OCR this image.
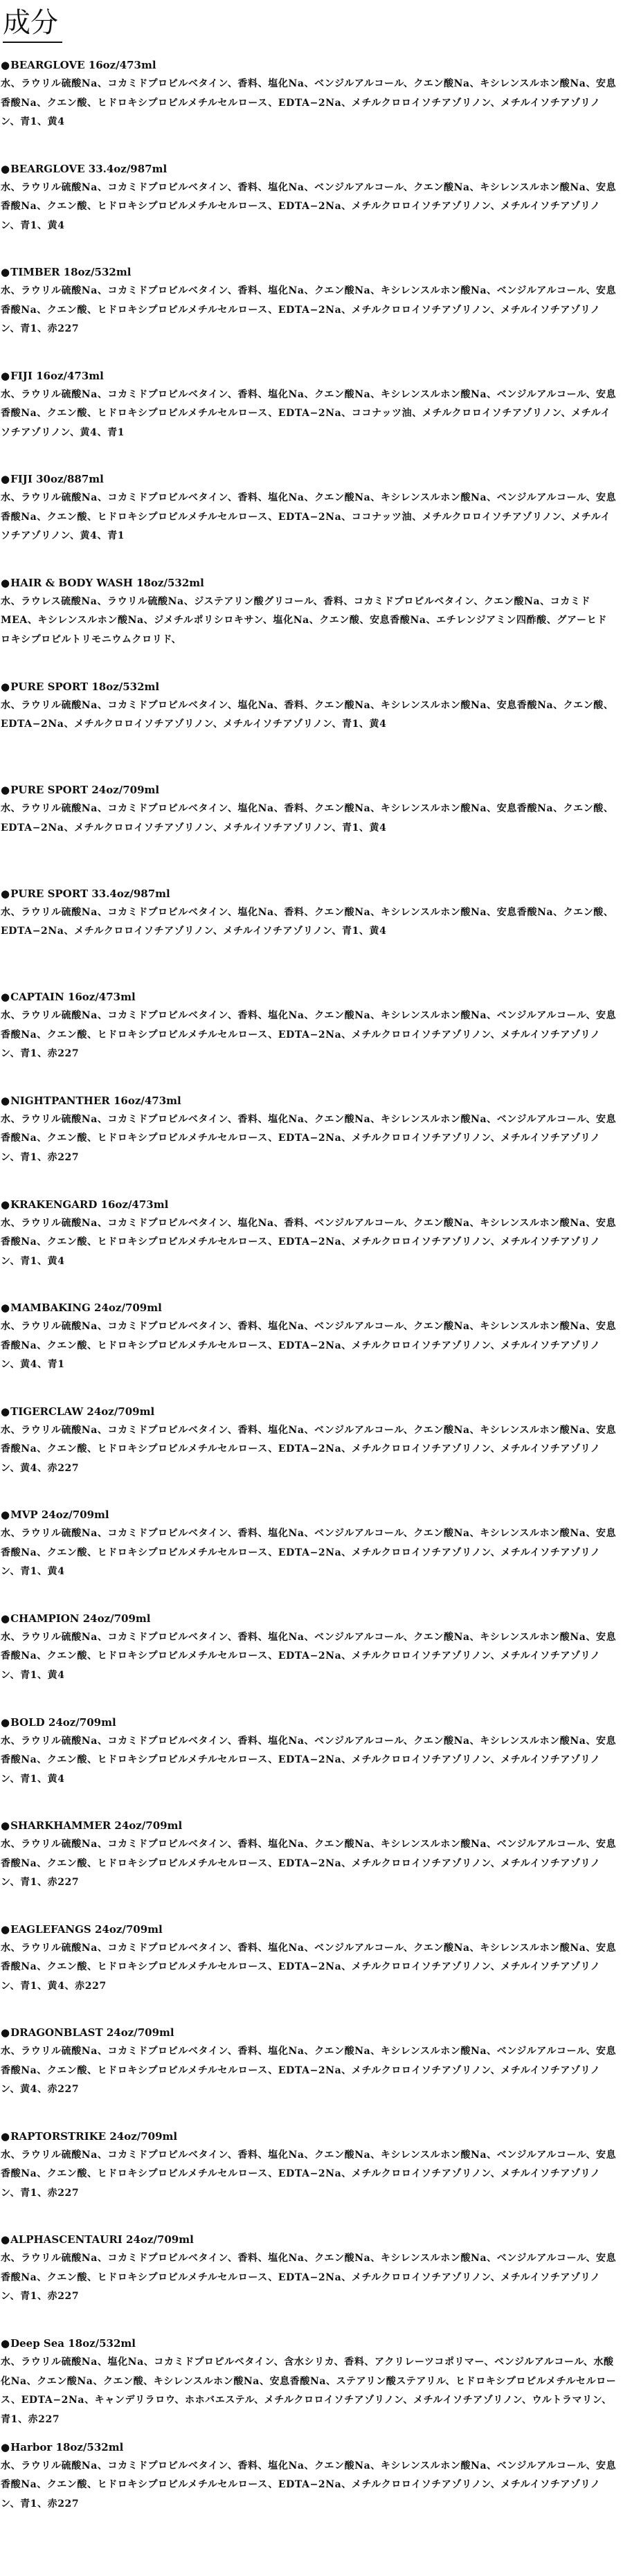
成分

●BEARGLOVE 16oz/473ml

水、ラウリル硫酸Na、コカミドプロピルベタイン、香料、塩化Na、ベンジルアルコール、クエン酸Na、キシレンスルホン酸Na、安息香酸Na、クエン酸、ヒドロキシプロピルメチルセルロース、EDTA−2Na、メチルクロロイソチアゾリノン、メチルイソチアゾリノン、青1、黄4

●BEARGLOVE 33.4oz/987ml

水、ラウリル硫酸Na、コカミドプロピルベタイン、香料、塩化Na、ベンジルアルコール、クエン酸Na、キシレンスルホン酸Na、安息香酸Na、クエン酸、ヒドロキシプロピルメチルセルロース、EDTA−2Na、メチルクロロイソチアゾリノン、メチルイソチアゾリノン、青1、黄4

●TIMBER 18oz/532ml

水、ラウリル硫酸Na、コカミドプロピルベタイン、香料、塩化Na、クエン酸Na、キシレンスルホン酸Na、ベンジルアルコール、安息香酸Na、クエン酸、ヒドロキシプロピルメチルセルロース、EDTA−2Na、メチルクロロイソチアゾリノン、メチルイソチアゾリノン、青1、赤227

●FIJI 16oz/473ml

水、ラウリル硫酸Na、コカミドプロピルベタイン、香料、塩化Na、クエン酸Na、キシレンスルホン酸Na、ベンジルアルコール、安息香酸Na、クエン酸、ヒドロキシプロピルメチルセルロース、EDTA−2Na、ココナッツ油、メチルクロロイソチアゾリノン、メチルイソチアゾリノン、黄4、青1

●FIJI 30oz/887ml

水、ラウリル硫酸Na、コカミドプロピルベタイン、香料、塩化Na、クエン酸Na、キシレンスルホン酸Na、ベンジルアルコール、安息香酸Na、クエン酸、ヒドロキシプロピルメチルセルロース、EDTA−2Na、ココナッツ油、メチルクロロイソチアゾリノン、メチルイソチアゾリノン、黄4、青1

●HAIR & BODY WASH 18oz/532ml

水、ラウレス硫酸Na、ラウリル硫酸Na、ジステアリン酸グリコール、香料、コカミドプロピルベタイン、クエン酸Na、コカミドMEA、キシレンスルホン酸Na、ジメチルポリシロキサン、塩化Na、クエン酸、安息香酸Na、エチレンジアミン四酢酸、グアーヒドロキシプロピルトリモニウムクロリド、

●PURE SPORT 18oz/532ml

水、ラウリル硫酸Na、コカミドプロピルベタイン、塩化Na、香料、クエン酸Na、キシレンスルホン酸Na、安息香酸Na、クエン酸、EDTA−2Na、メチルクロロイソチアゾリノン、メチルイソチアゾリノン、青1、黄4

●PURE SPORT 24oz/709ml

水、ラウリル硫酸Na、コカミドプロピルベタイン、塩化Na、香料、クエン酸Na、キシレンスルホン酸Na、安息香酸Na、クエン酸、EDTA−2Na、メチルクロロイソチアゾリノン、メチルイソチアゾリノン、青1、黄4

●PURE SPORT 33.4oz/987ml

水、ラウリル硫酸Na、コカミドプロピルベタイン、塩化Na、香料、クエン酸Na、キシレンスルホン酸Na、安息香酸Na、クエン酸、EDTA−2Na、メチルクロロイソチアゾリノン、メチルイソチアゾリノン、青1、黄4

●CAPTAIN 16oz/473ml

水、ラウリル硫酸Na、コカミドプロピルベタイン、香料、塩化Na、クエン酸Na、キシレンスルホン酸Na、ベンジルアルコール、安息香酸Na、クエン酸、ヒドロキシプロピルメチルセルロース、EDTA−2Na、メチルクロロイソチアゾリノン、メチルイソチアゾリノン、青1、赤227

●NIGHTPANTHER 16oz/473ml

水、ラウリル硫酸Na、コカミドプロピルベタイン、香料、塩化Na、クエン酸Na、キシレンスルホン酸Na、ベンジルアルコール、安息香酸Na、クエン酸、ヒドロキシプロピルメチルセルロース、EDTA−2Na、メチルクロロイソチアゾリノン、メチルイソチアゾリノン、青1、赤227

●KRAKENGARD 16oz/473ml

水、ラウリル硫酸Na、コカミドプロピルベタイン、塩化Na、香料、ベンジルアルコール、クエン酸Na、キシレンスルホン酸Na、安息香酸Na、クエン酸、ヒドロキシプロピルメチルセルロース、EDTA−2Na、メチルクロロイソチアゾリノン、メチルイソチアゾリノン、青1、黄4

●MAMBAKING 24oz/709ml

水、ラウリル硫酸Na、コカミドプロピルベタイン、香料、塩化Na、ベンジルアルコール、クエン酸Na、キシレンスルホン酸Na、安息香酸Na、クエン酸、ヒドロキシプロピルメチルセルロース、EDTA−2Na、メチルクロロイソチアゾリノン、メチルイソチアゾリノン、黄4、青1

●TIGERCLAW 24oz/709ml

水、ラウリル硫酸Na、コカミドプロピルベタイン、香料、塩化Na、ベンジルアルコール、クエン酸Na、キシレンスルホン酸Na、安息香酸Na、クエン酸、ヒドロキシプロピルメチルセルロース、EDTA−2Na、メチルクロロイソチアゾリノン、メチルイソチアゾリノン、黄4、赤227

●MVP 24oz/709ml

水、ラウリル硫酸Na、コカミドプロピルベタイン、香料、塩化Na、ベンジルアルコール、クエン酸Na、キシレンスルホン酸Na、安息香酸Na、クエン酸、ヒドロキシプロピルメチルセルロース、EDTA−2Na、メチルクロロイソチアゾリノン、メチルイソチアゾリノン、青1、黄4

●CHAMPION 24oz/709ml

水、ラウリル硫酸Na、コカミドプロピルベタイン、香料、塩化Na、ベンジルアルコール、クエン酸Na、キシレンスルホン酸Na、安息香酸Na、クエン酸、ヒドロキシプロピルメチルセルロース、EDTA−2Na、メチルクロロイソチアゾリノン、メチルイソチアゾリノン、青1、黄4

●BOLD 24oz/709ml

水、ラウリル硫酸Na、コカミドプロピルベタイン、香料、塩化Na、ベンジルアルコール、クエン酸Na、キシレンスルホン酸Na、安息香酸Na、クエン酸、ヒドロキシプロピルメチルセルロース、EDTA−2Na、メチルクロロイソチアゾリノン、メチルイソチアゾリノン、青1、黄4

●SHARKHAMMER 24oz/709ml

水、ラウリル硫酸Na、コカミドプロピルベタイン、香料、塩化Na、クエン酸Na、キシレンスルホン酸Na、ベンジルアルコール、安息香酸Na、クエン酸、ヒドロキシプロピルメチルセルロース、EDTA−2Na、メチルクロロイソチアゾリノン、メチルイソチアゾリノン、青1、赤227

●EAGLEFANGS 24oz/709ml

水、ラウリル硫酸Na、コカミドプロピルベタイン、香料、塩化Na、ベンジルアルコール、クエン酸Na、キシレンスルホン酸Na、安息香酸Na、クエン酸、ヒドロキシプロピルメチルセルロース、EDTA−2Na、メチルクロロイソチアゾリノン、メチルイソチアゾリノン、青1、黄4、赤227

●DRAGONBLAST 24oz/709ml

水、ラウリル硫酸Na、コカミドプロピルベタイン、香料、塩化Na、クエン酸Na、キシレンスルホン酸Na、ベンジルアルコール、安息香酸Na、クエン酸、ヒドロキシプロピルメチルセルロース、EDTA−2Na、メチルクロロイソチアゾリノン、メチルイソチアゾリノン、黄4、赤227

●RAPTORSTRIKE 24oz/709ml

水、ラウリル硫酸Na、コカミドプロピルベタイン、香料、塩化Na、クエン酸Na、キシレンスルホン酸Na、ベンジルアルコール、安息香酸Na、クエン酸、ヒドロキシプロピルメチルセルロース、EDTA−2Na、メチルクロロイソチアゾリノン、メチルイソチアゾリノン、青1、赤227

●ALPHASCENTAURI 24oz/709ml

水、ラウリル硫酸Na、コカミドプロピルベタイン、香料、塩化Na、クエン酸Na、キシレンスルホン酸Na、ベンジルアルコール、安息香酸Na、クエン酸、ヒドロキシプロピルメチルセルロース、EDTA−2Na、メチルクロロイソチアゾリノン、メチルイソチアゾリノン、青1、赤227

●Deep Sea 18oz/532ml

水、ラウリル硫酸Na、塩化Na、コカミドプロピルベタイン、含水シリカ、香料、アクリレーツコポリマー、ベンジルアルコール、水酸化Na、クエン酸Na、クエン酸、キシレンスルホン酸Na、安息香酸Na、ステアリン酸ステアリル、ヒドロキシプロピルメチルセルロース、EDTA−2Na、キャンデリラロウ、ホホバエステル、メチルクロロイソチアゾリノン、メチルイソチアゾリノン、ウルトラマリン、青1、赤227

●Harbor 18oz/532ml

水、ラウリル硫酸Na、コカミドプロピルベタイン、香料、塩化Na、クエン酸Na、キシレンスルホン酸Na、ベンジルアルコール、安息香酸Na、クエン酸、ヒドロキシプロピルメチルセルロース、EDTA−2Na、メチルクロロイソチアゾリノン、メチルイソチアゾリノン、青1、赤227
